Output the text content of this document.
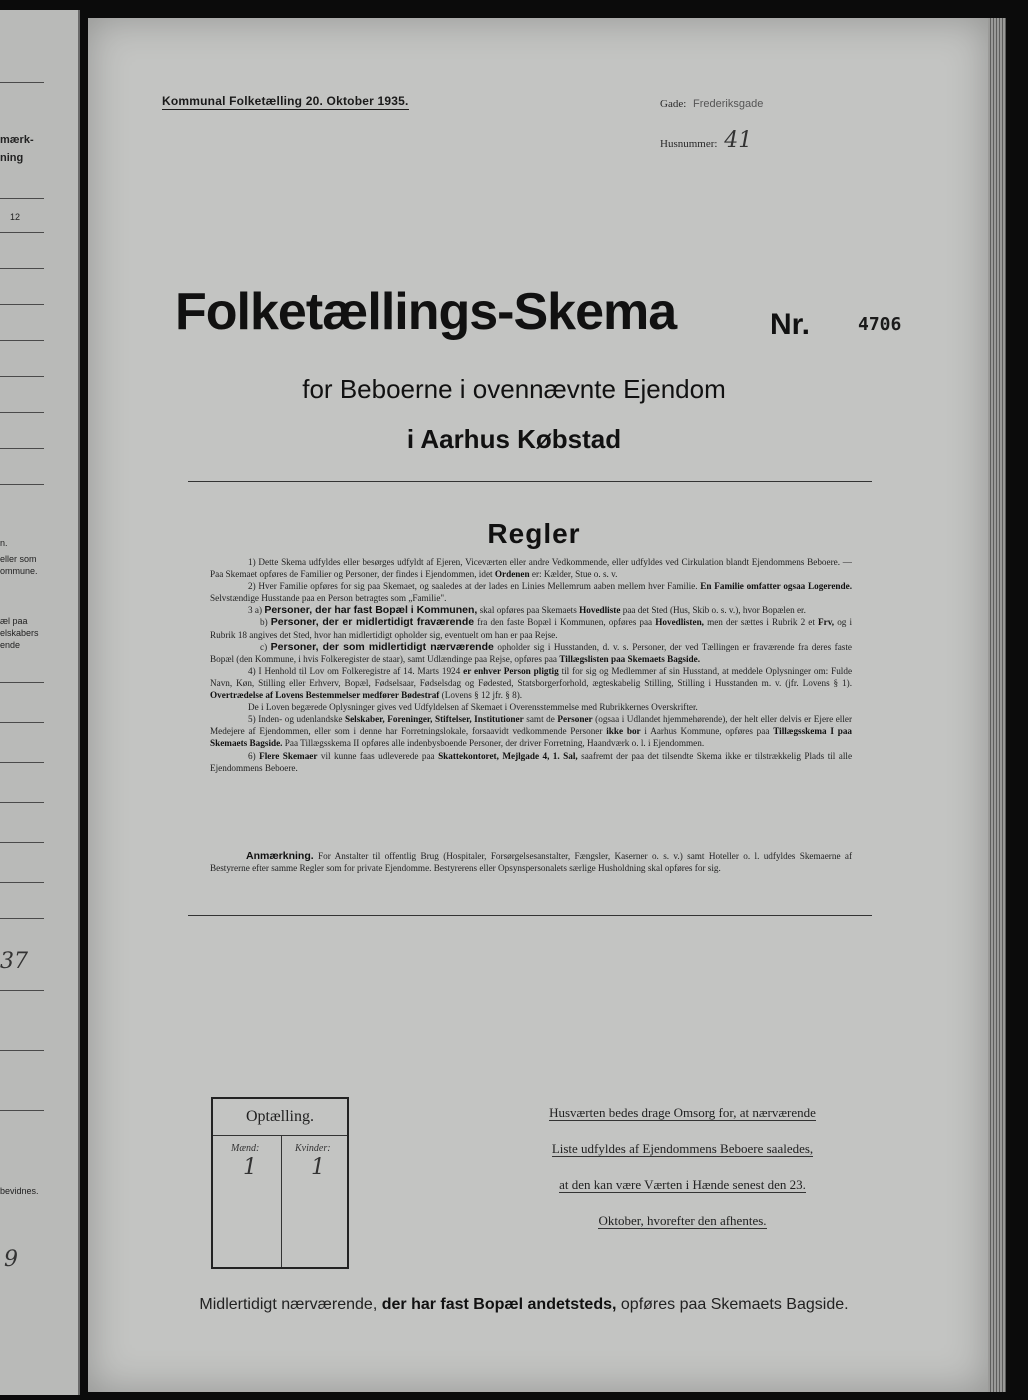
mærk-
ning
12
n.
eller som
ommune.
æl paa
elskabers
ende
37
bevidnes.
9
Kommunal Folketælling 20. Oktober 1935.	Gade: Frederiksgade
Husnummer: 41
Folketællings-Skema	Nr.	4706
for Beboerne i ovennævnte Ejendom
i Aarhus Købstad
Regler

1) Dette Skema udfyldes eller besørges udfyldt af Ejeren, Viceværten eller andre Vedkommende, eller udfyldes ved Cirkulation blandt Ejendommens Beboere. — Paa Skemaet opføres de Familier og Personer, der findes i Ejendommen, idet Ordenen er: Kælder, Stue o. s. v.

2) Hver Familie opføres for sig paa Skemaet, og saaledes at der lades en Linies Mellemrum aaben mellem hver Familie. En Familie omfatter ogsaa Logerende. Selvstændige Husstande paa en Person betragtes som „Familie".

3 a) Personer, der har fast Bopæl i Kommunen, skal opføres paa Skemaets Hovedliste paa det Sted (Hus, Skib o. s. v.), hvor Bopælen er.

b) Personer, der er midlertidigt fraværende fra den faste Bopæl i Kommunen, opføres paa Hovedlisten, men der sættes i Rubrik 2 et Frv, og i Rubrik 18 angives det Sted, hvor han midlertidigt opholder sig, eventuelt om han er paa Rejse.

c) Personer, der som midlertidigt nærværende opholder sig i Husstanden, d. v. s. Personer, der ved Tællingen er fraværende fra deres faste Bopæl (den Kommune, i hvis Folkeregister de staar), samt Udlændinge paa Rejse, opføres paa Tillægslisten paa Skemaets Bagside.

4) I Henhold til Lov om Folkeregistre af 14. Marts 1924 er enhver Person pligtig til for sig og Medlemmer af sin Husstand, at meddele Oplysninger om: Fulde Navn, Køn, Stilling eller Erhverv, Bopæl, Fødselsaar, Fødselsdag og Fødested, Statsborgerforhold, ægteskabelig Stilling, Stilling i Husstanden m. v. (jfr. Lovens § 1). Overtrædelse af Lovens Bestemmelser medfører Bødestraf (Lovens § 12 jfr. § 8).

De i Loven begærede Oplysninger gives ved Udfyldelsen af Skemaet i Overensstemmelse med Rubrikkernes Overskrifter.

5) Inden- og udenlandske Selskaber, Foreninger, Stiftelser, Institutioner samt de Personer (ogsaa i Udlandet hjemmehørende), der helt eller delvis er Ejere eller Medejere af Ejendommen, eller som i denne har Forretningslokale, forsaavidt vedkommende Personer ikke bor i Aarhus Kommune, opføres paa Tillægsskema I paa Skemaets Bagside. Paa Tillægsskema II opføres alle indenbysboende Personer, der driver Forretning, Haandværk o. l. i Ejendommen.

6) Flere Skemaer vil kunne faas udleverede paa Skattekontoret, Mejlgade 4, 1. Sal, saafremt der paa det tilsendte Skema ikke er tilstrækkelig Plads til alle Ejendommens Beboere.

Anmærkning. For Anstalter til offentlig Brug (Hospitaler, Forsørgelsesanstalter, Fængsler, Kaserner o. s. v.) samt Hoteller o. l. udfyldes Skemaerne af Bestyrerne efter samme Regler som for private Ejendomme. Bestyrerens eller Opsynspersonalets særlige Husholdning skal opføres for sig.

Optælling.
Mænd:
1
Kvinder:
1
Husværten bedes drage Omsorg for, at nærværende
Liste udfyldes af Ejendommens Beboere saaledes,
at den kan være Værten i Hænde senest den 23.
Oktober, hvorefter den afhentes.
Midlertidigt nærværende, der har fast Bopæl andetsteds, opføres paa Skemaets Bagside.
